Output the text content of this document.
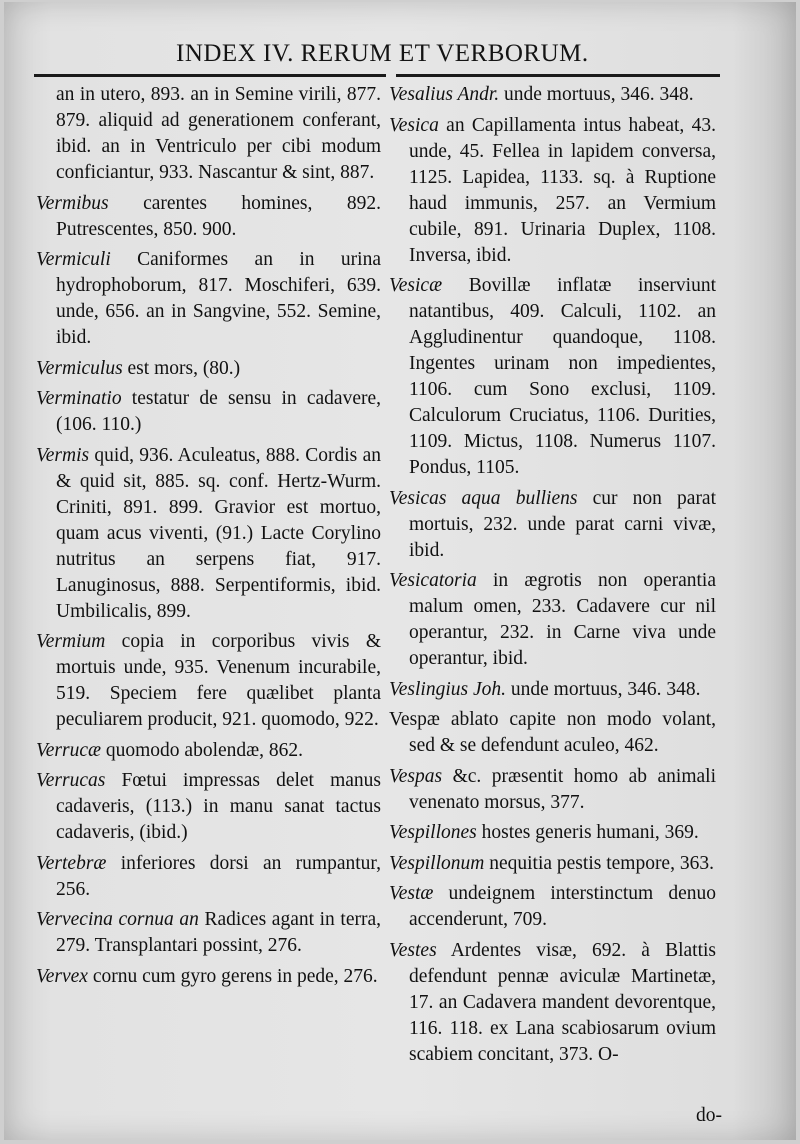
INDEX IV. RERUM ET VERBORUM.

an in utero, 893. an in Semine virili, 877. 879. aliquid ad generationem conferant, ibid. an in Ventriculo per cibi modum conficiantur, 933. Nascantur & sint, 887.

Vermibus carentes homines, 892. Putrescentes, 850. 900.

Vermiculi Caniformes an in urina hydrophoborum, 817. Moschiferi, 639. unde, 656. an in Sangvine, 552. Semine, ibid.

Vermiculus est mors, (80.)

Verminatio testatur de sensu in cadavere, (106. 110.)

Vermis quid, 936. Aculeatus, 888. Cordis an & quid sit, 885. sq. conf. Hertz-Wurm. Criniti, 891. 899. Gravior est mortuo, quam acus viventi, (91.) Lacte Corylino nutritus an serpens fiat, 917. Lanuginosus, 888. Serpentiformis, ibid. Umbilicalis, 899.

Vermium copia in corporibus vivis & mortuis unde, 935. Venenum incurabile, 519. Speciem fere quælibet planta peculiarem producit, 921. quomodo, 922.

Verrucæ quomodo abolendæ, 862.

Verrucas Fœtui impressas delet manus cadaveris, (113.) in manu sanat tactus cadaveris, (ibid.)

Vertebræ inferiores dorsi an rumpantur, 256.

Vervecina cornua an Radices agant in terra, 279. Transplantari possint, 276.

Vervex cornu cum gyro gerens in pede, 276.

Vesalius Andr. unde mortuus, 346. 348.

Vesica an Capillamenta intus habeat, 43. unde, 45. Fellea in lapidem conversa, 1125. Lapidea, 1133. sq. à Ruptione haud immunis, 257. an Vermium cubile, 891. Urinaria Duplex, 1108. Inversa, ibid.

Vesicæ Bovillæ inflatæ inserviunt natantibus, 409. Calculi, 1102. an Aggludinentur quandoque, 1108. Ingentes urinam non impedientes, 1106. cum Sono exclusi, 1109. Calculorum Cruciatus, 1106. Durities, 1109. Mictus, 1108. Numerus 1107. Pondus, 1105.

Vesicas aqua bulliens cur non parat mortuis, 232. unde parat carni vivæ, ibid.

Vesicatoria in ægrotis non operantia malum omen, 233. Cadavere cur nil operantur, 232. in Carne viva unde operantur, ibid.

Veslingius Joh. unde mortuus, 346. 348.

Vespæ ablato capite non modo volant, sed & se defendunt aculeo, 462.

Vespas &c. præsentit homo ab animali venenato morsus, 377.

Vespillones hostes generis humani, 369.

Vespillonum nequitia pestis tempore, 363.

Vestæ undeignem interstinctum denuo accenderunt, 709.

Vestes Ardentes visæ, 692. à Blattis defendunt pennæ aviculæ Martinetæ, 17. an Cadavera mandent devorentque, 116. 118. ex Lana scabiosarum ovium scabiem concitant, 373. O-

do-
